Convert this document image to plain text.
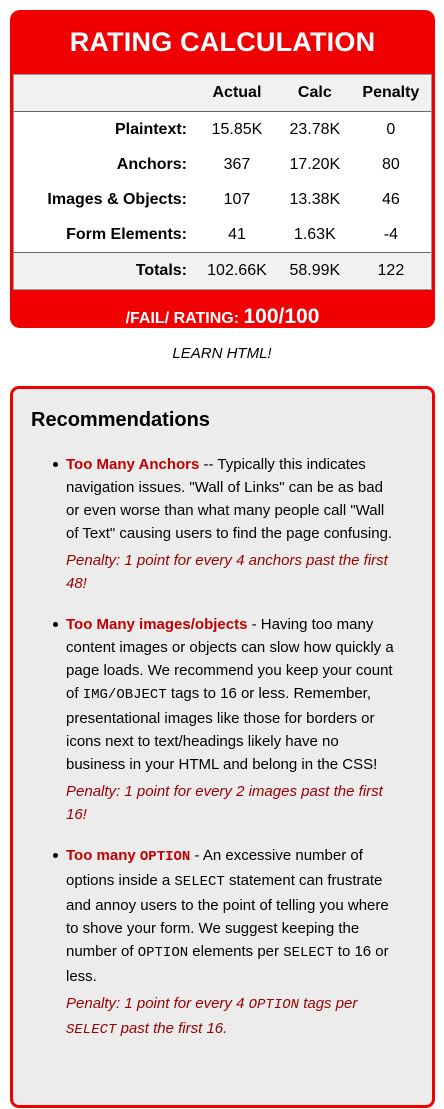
RATING CALCULATION
	Actual	Calc	Penalty
Plaintext:	15.85K	23.78K	0
Anchors:	367	17.20K	80
Images & Objects:	107	13.38K	46
Form Elements:	41	1.63K	-4
Totals:	102.66K	58.99K	122
/FAIL/ RATING: 100/100
LEARN HTML!
Recommendations
Too Many Anchors -- Typically this indicates navigation issues. "Wall of Links" can be as bad or even worse than what many people call "Wall of Text" causing users to find the page confusing.
Penalty: 1 point for every 4 anchors past the first 48!
Too Many images/objects - Having too many content images or objects can slow how quickly a page loads. We recommend you keep your count of IMG/OBJECT tags to 16 or less. Remember, presentational images like those for borders or icons next to text/headings likely have no business in your HTML and belong in the CSS!
Penalty: 1 point for every 2 images past the first 16!
Too many OPTION - An excessive number of options inside a SELECT statement can frustrate and annoy users to the point of telling you where to shove your form. We suggest keeping the number of OPTION elements per SELECT to 16 or less.
Penalty: 1 point for every 4 OPTION tags per SELECT past the first 16.
